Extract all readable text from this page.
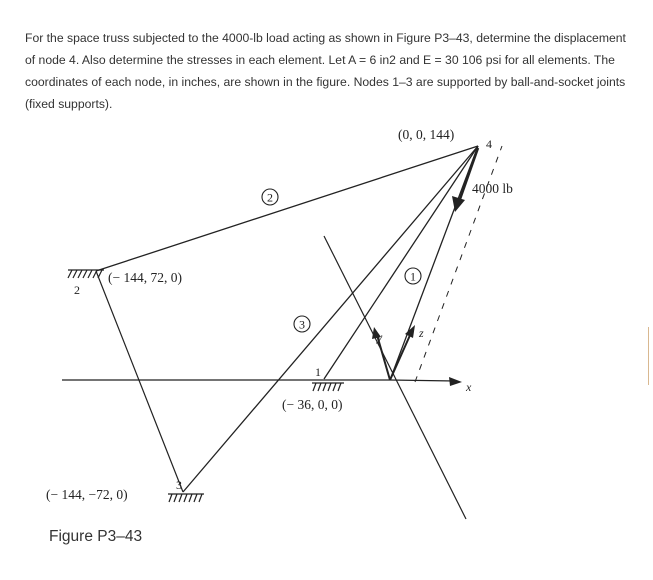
For the space truss subjected to the 4000-lb load acting as shown in Figure P3–43, determine the displacement of node 4. Also determine the stresses in each element. Let A = 6 in2 and E = 30 106 psi for all elements. The coordinates of each node, in inches, are shown in the figure. Nodes 1–3 are supported by ball-and-socket joints (fixed supports).
2
3
1
4
2
1
3
(0, 0, 144)
(− 144, 72, 0)
(− 36, 0, 0)
(− 144, −72, 0)
4000 lb
x
y	z
Figure P3–43
